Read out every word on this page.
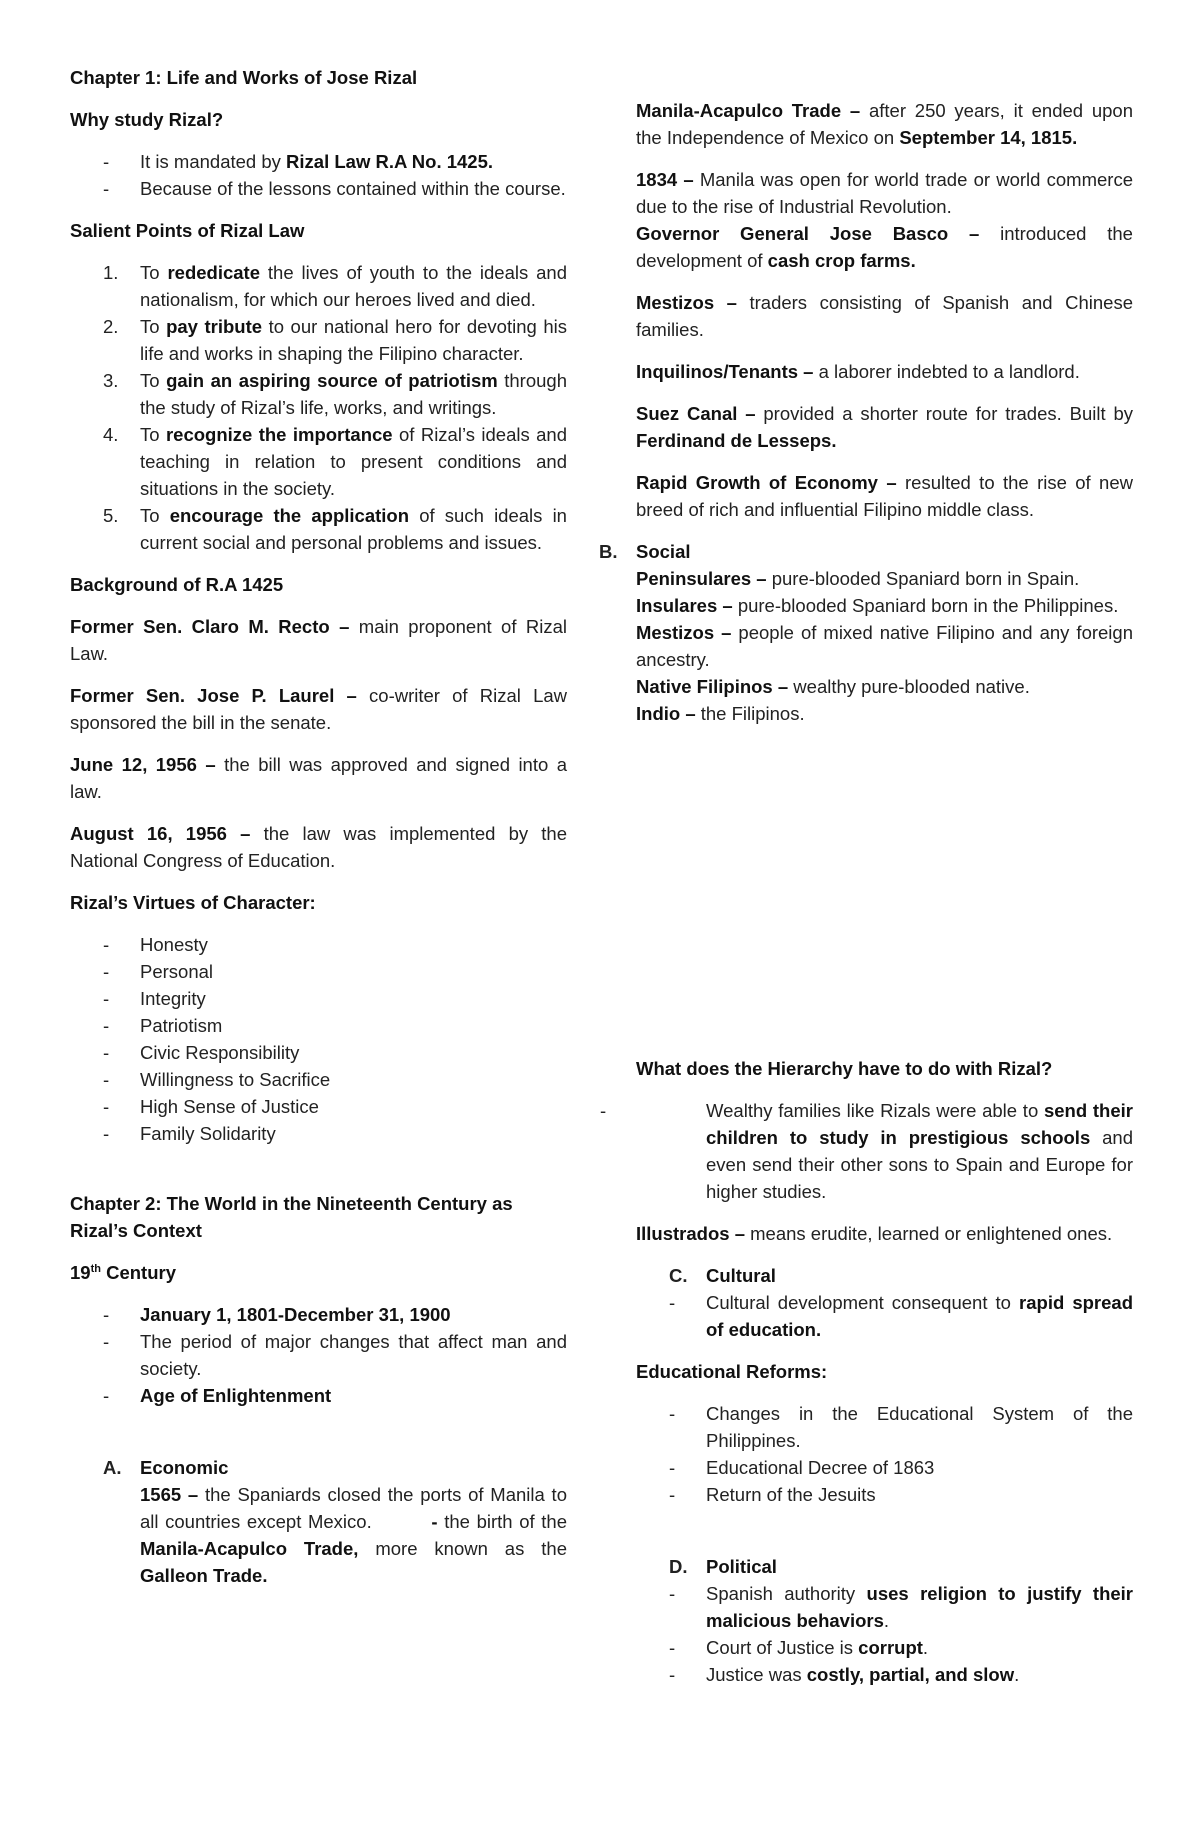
Chapter 1: Life and Works of Jose Rizal

Why study Rizal?

- It is mandated by Rizal Law R.A No. 1425.
- Because of the lessons contained within the course.

Salient Points of Rizal Law

1. To rededicate the lives of youth to the ideals and nationalism, for which our heroes lived and died.
2. To pay tribute to our national hero for devoting his life and works in shaping the Filipino character.
3. To gain an aspiring source of patriotism through the study of Rizal’s life, works, and writings.
4. To recognize the importance of Rizal’s ideals and teaching in relation to present conditions and situations in the society.
5. To encourage the application of such ideals in current social and personal problems and issues.

Background of R.A 1425

Former Sen. Claro M. Recto – main proponent of Rizal Law.

Former Sen. Jose P. Laurel – co-writer of Rizal Law sponsored the bill in the senate.

June 12, 1956 – the bill was approved and signed into a law.

August 16, 1956 – the law was implemented by the National Congress of Education.

Rizal’s Virtues of Character:

- Honesty
- Personal
- Integrity
- Patriotism
- Civic Responsibility
- Willingness to Sacrifice
- High Sense of Justice
- Family Solidarity

Chapter 2: The World in the Nineteenth Century as Rizal’s Context

19th Century

- January 1, 1801-December 31, 1900
- The period of major changes that affect man and society.
- Age of Enlightenment
A. Economic

1565 – the Spaniards closed the ports of Manila to all countries except Mexico.	- the birth of the Manila-Acapulco Trade, more known as the Galleon Trade.

Manila-Acapulco Trade – after 250 years, it ended upon the Independence of Mexico on September 14, 1815.

1834 – Manila was open for world trade or world commerce due to the rise of Industrial Revolution.

Governor General Jose Basco – introduced the development of cash crop farms.

Mestizos – traders consisting of Spanish and Chinese families.

Inquilinos/Tenants – a laborer indebted to a landlord.

Suez Canal – provided a shorter route for trades. Built by Ferdinand de Lesseps.

Rapid Growth of Economy – resulted to the rise of new breed of rich and influential Filipino middle class.

B. Social

Peninsulares – pure-blooded Spaniard born in Spain.

Insulares – pure-blooded Spaniard born in the Philippines.

Mestizos – people of mixed native Filipino and any foreign ancestry.

Native Filipinos – wealthy pure-blooded native.

Indio – the Filipinos.

What does the Hierarchy have to do with Rizal?

-	Wealthy families like Rizals were able to send their children to study in prestigious schools and even send their other sons to Spain and Europe for higher studies.

Illustrados – means erudite, learned or enlightened ones.

C. Cultural

- Cultural development consequent to rapid spread of education.

Educational Reforms:

- Changes in the Educational System of the Philippines.
- Educational Decree of 1863
- Return of the Jesuits
D. Political

- Spanish authority uses religion to justify their malicious behaviors.

- Court of Justice is corrupt.

- Justice was costly, partial, and slow.
